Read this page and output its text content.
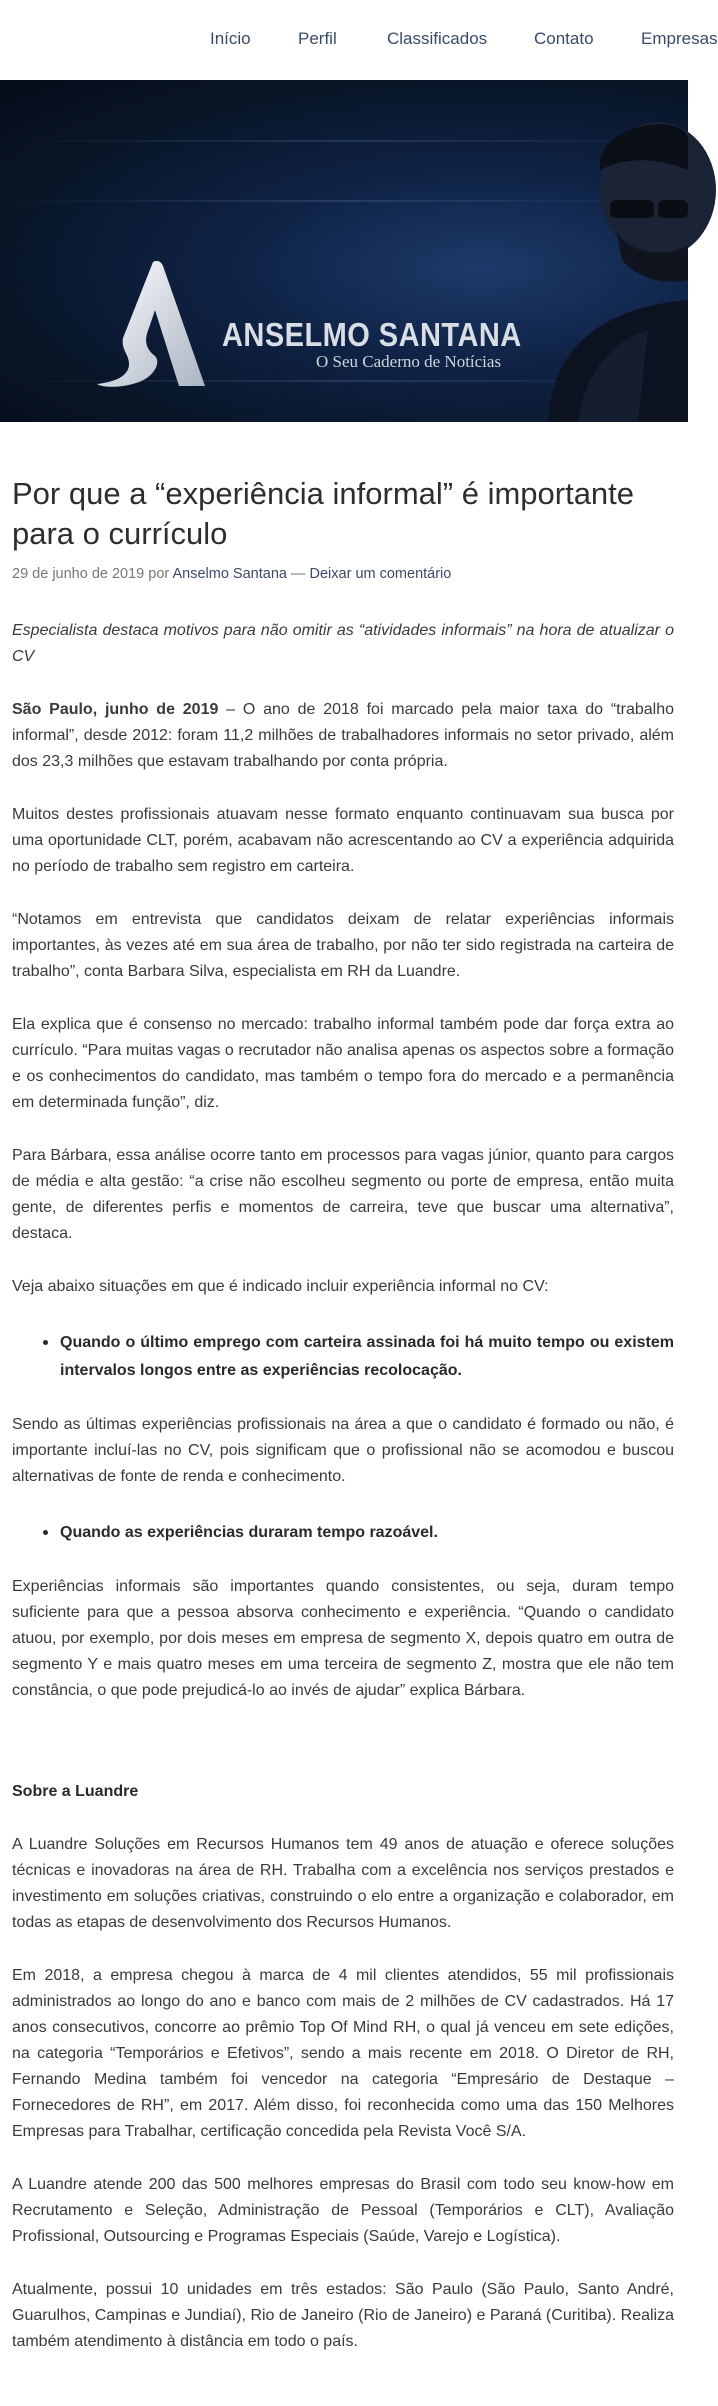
Início	Perfil	Classificados	Contato	Empresas
ANSELMO SANTANA
O Seu Caderno de Notícias
Por que a “experiência informal” é importante para o currículo
29 de junho de 2019 por Anselmo Santana — Deixar um comentário

Especialista destaca motivos para não omitir as “atividades informais” na hora de atualizar o CV

São Paulo, junho de 2019 – O ano de 2018 foi marcado pela maior taxa do “trabalho informal”, desde 2012: foram 11,2 milhões de trabalhadores informais no setor privado, além dos 23,3 milhões que estavam trabalhando por conta própria.

Muitos destes profissionais atuavam nesse formato enquanto continuavam sua busca por uma oportunidade CLT, porém, acabavam não acrescentando ao CV a experiência adquirida no período de trabalho sem registro em carteira.

“Notamos em entrevista que candidatos deixam de relatar experiências informais importantes, às vezes até em sua área de trabalho, por não ter sido registrada na carteira de trabalho”, conta Barbara Silva, especialista em RH da Luandre.

Ela explica que é consenso no mercado: trabalho informal também pode dar força extra ao currículo. “Para muitas vagas o recrutador não analisa apenas os aspectos sobre a formação e os conhecimentos do candidato, mas também o tempo fora do mercado e a permanência em determinada função”, diz.

Para Bárbara, essa análise ocorre tanto em processos para vagas júnior, quanto para cargos de média e alta gestão: “a crise não escolheu segmento ou porte de empresa, então muita gente, de diferentes perfis e momentos de carreira, teve que buscar uma alternativa”, destaca.

Veja abaixo situações em que é indicado incluir experiência informal no CV:

• Quando o último emprego com carteira assinada foi há muito tempo ou existem intervalos longos entre as experiências recolocação.

Sendo as últimas experiências profissionais na área a que o candidato é formado ou não, é importante incluí-las no CV, pois significam que o profissional não se acomodou e buscou alternativas de fonte de renda e conhecimento.

• Quando as experiências duraram tempo razoável.

Experiências informais são importantes quando consistentes, ou seja, duram tempo suficiente para que a pessoa absorva conhecimento e experiência. “Quando o candidato atuou, por exemplo, por dois meses em empresa de segmento X, depois quatro em outra de segmento Y e mais quatro meses em uma terceira de segmento Z, mostra que ele não tem constância, o que pode prejudicá-lo ao invés de ajudar” explica Bárbara.

Sobre a Luandre

A Luandre Soluções em Recursos Humanos tem 49 anos de atuação e oferece soluções técnicas e inovadoras na área de RH. Trabalha com a excelência nos serviços prestados e investimento em soluções criativas, construindo o elo entre a organização e colaborador, em todas as etapas de desenvolvimento dos Recursos Humanos.

Em 2018, a empresa chegou à marca de 4 mil clientes atendidos, 55 mil profissionais administrados ao longo do ano e banco com mais de 2 milhões de CV cadastrados. Há 17 anos consecutivos, concorre ao prêmio Top Of Mind RH, o qual já venceu em sete edições, na categoria “Temporários e Efetivos”, sendo a mais recente em 2018. O Diretor de RH, Fernando Medina também foi vencedor na categoria “Empresário de Destaque – Fornecedores de RH”, em 2017. Além disso, foi reconhecida como uma das 150 Melhores Empresas para Trabalhar, certificação concedida pela Revista Você S/A.

A Luandre atende 200 das 500 melhores empresas do Brasil com todo seu know-how em Recrutamento e Seleção, Administração de Pessoal (Temporários e CLT), Avaliação Profissional, Outsourcing e Programas Especiais (Saúde, Varejo e Logística).

Atualmente, possui 10 unidades em três estados: São Paulo (São Paulo, Santo André, Guarulhos, Campinas e Jundiaí), Rio de Janeiro (Rio de Janeiro) e Paraná (Curitiba). Realiza também atendimento à distância em todo o país.
